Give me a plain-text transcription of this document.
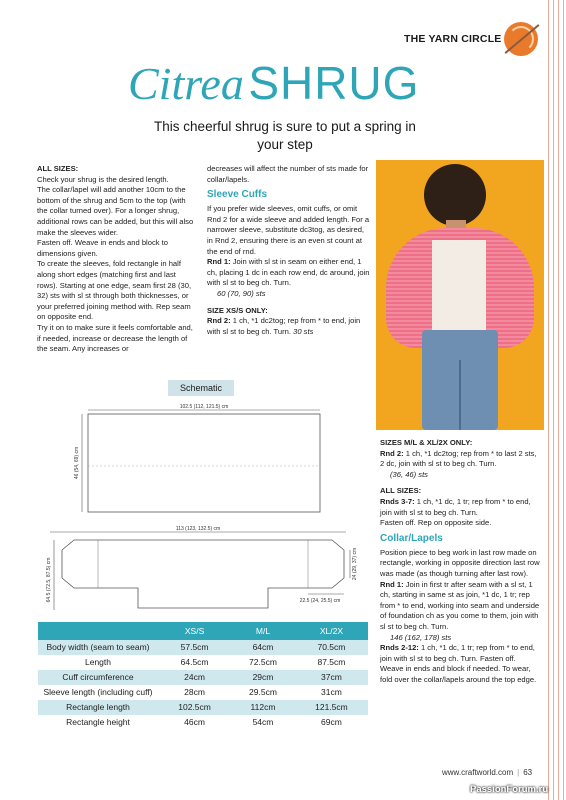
THE YARN CIRCLE
Citrea SHRUG
This cheerful shrug is sure to put a spring in your step
ALL SIZES:
Check your shrug is the desired length.
The collar/lapel will add another 10cm to the bottom of the shrug and 5cm to the top (with the collar turned over). For a longer shrug, additional rows can be added, but this will also make the sleeves wider.
Fasten off. Weave in ends and block to dimensions given.
To create the sleeves, fold rectangle in half along short edges (matching first and last rows). Starting at one edge, seam first 28 (30, 32) sts with sl st through both thicknesses, or your preferred joining method with. Rep seam on opposite end.
Try it on to make sure it feels comfortable and, if needed, increase or decrease the length of the seam. Any increases or
decreases will affect the number of sts made for collar/lapels.
Sleeve Cuffs
If you prefer wide sleeves, omit cuffs, or omit Rnd 2 for a wide sleeve and added length. For a narrower sleeve, substitute dc3tog, as desired, in Rnd 2, ensuring there is an even st count at the end of rnd.
Rnd 1: Join with sl st in seam on either end, 1 ch, placing 1 dc in each row end, dc around, join with sl st to beg ch. Turn.
60 (70, 90) sts
SIZE XS/S ONLY:
Rnd 2: 1 ch, *1 dc2tog; rep from * to end, join with sl st to beg ch. Turn. 30 sts
SIZES M/L & XL/2X ONLY:
Rnd 2: 1 ch, *1 dc2tog; rep from * to last 2 sts, 2 dc, join with sl st to beg ch. Turn.
(36, 46) sts
ALL SIZES:
Rnds 3-7: 1 ch, *1 dc, 1 tr; rep from * to end, join with sl st to beg ch. Turn.
Fasten off. Rep on opposite side.
Collar/Lapels
Position piece to beg work in last row made on rectangle, working in opposite direction last row was made (as though turning after last row).
Rnd 1: Join in first tr after seam with a sl st, 1 ch, starting in same st as join, *1 dc, 1 tr; rep from * to end, working into seam and underside of foundation ch as you come to them, join with sl st to beg ch. Turn.
146 (162, 178) sts
Rnds 2-12: 1 ch, *1 dc, 1 tr; rep from * to end, join with sl st to beg ch. Turn. Fasten off.
Weave in ends and block if needed. To wear, fold over the collar/lapels around the top edge.
Schematic
102.5 (112, 121.5) cm
46 (54, 69) cm
113 (123, 132.5) cm
64.5 (72.5, 87.5) cm	24 (29, 37) cm
22.5 (24, 25.5) cm
	XS/S	M/L	XL/2X
Body width (seam to seam)	57.5cm	64cm	70.5cm
Length	64.5cm	72.5cm	87.5cm
Cuff circumference	24cm	29cm	37cm
Sleeve length (including cuff)	28cm	29.5cm	31cm
Rectangle length	102.5cm	112cm	121.5cm
Rectangle height	46cm	54cm	69cm
www.craftworld.com | 63
PassionForum.ru
